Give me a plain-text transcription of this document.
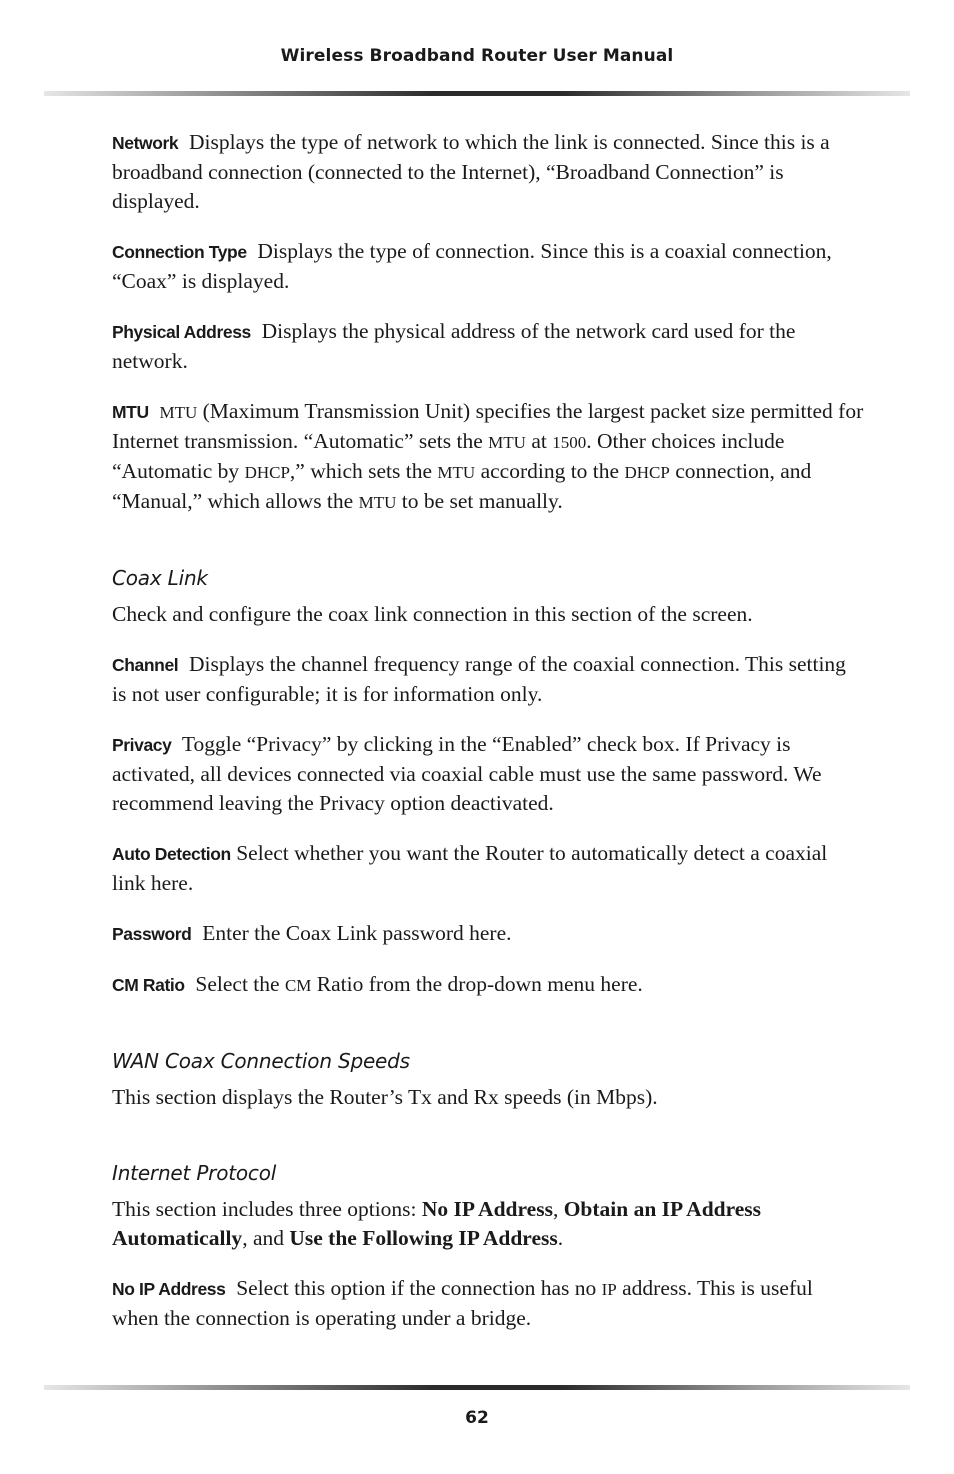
Wireless Broadband Router User Manual

Network Displays the type of network to which the link is connected. Since this is a broadband connection (connected to the Internet), “Broadband Connection” is displayed.

Connection Type Displays the type of connection. Since this is a coaxial connection, “Coax” is displayed.

Physical Address Displays the physical address of the network card used for the network.

MTU MTU (Maximum Transmission Unit) specifies the largest packet size permitted for Internet transmission. “Automatic” sets the MTU at 1500. Other choices include “Automatic by DHCP,” which sets the MTU according to the DHCP connection, and “Manual,” which allows the MTU to be set manually.

Coax Link

Check and configure the coax link connection in this section of the screen.

Channel Displays the channel frequency range of the coaxial connection. This setting is not user configurable; it is for information only.

Privacy Toggle “Privacy” by clicking in the “Enabled” check box. If Privacy is activated, all devices connected via coaxial cable must use the same password. We recommend leaving the Privacy option deactivated.

Auto Detection Select whether you want the Router to automatically detect a coaxial link here.

Password Enter the Coax Link password here.

CM Ratio Select the CM Ratio from the drop-down menu here.

WAN Coax Connection Speeds

This section displays the Router’s Tx and Rx speeds (in Mbps).

Internet Protocol

This section includes three options: No IP Address, Obtain an IP Address Automatically, and Use the Following IP Address.

No IP Address Select this option if the connection has no IP address. This is useful when the connection is operating under a bridge.

62
